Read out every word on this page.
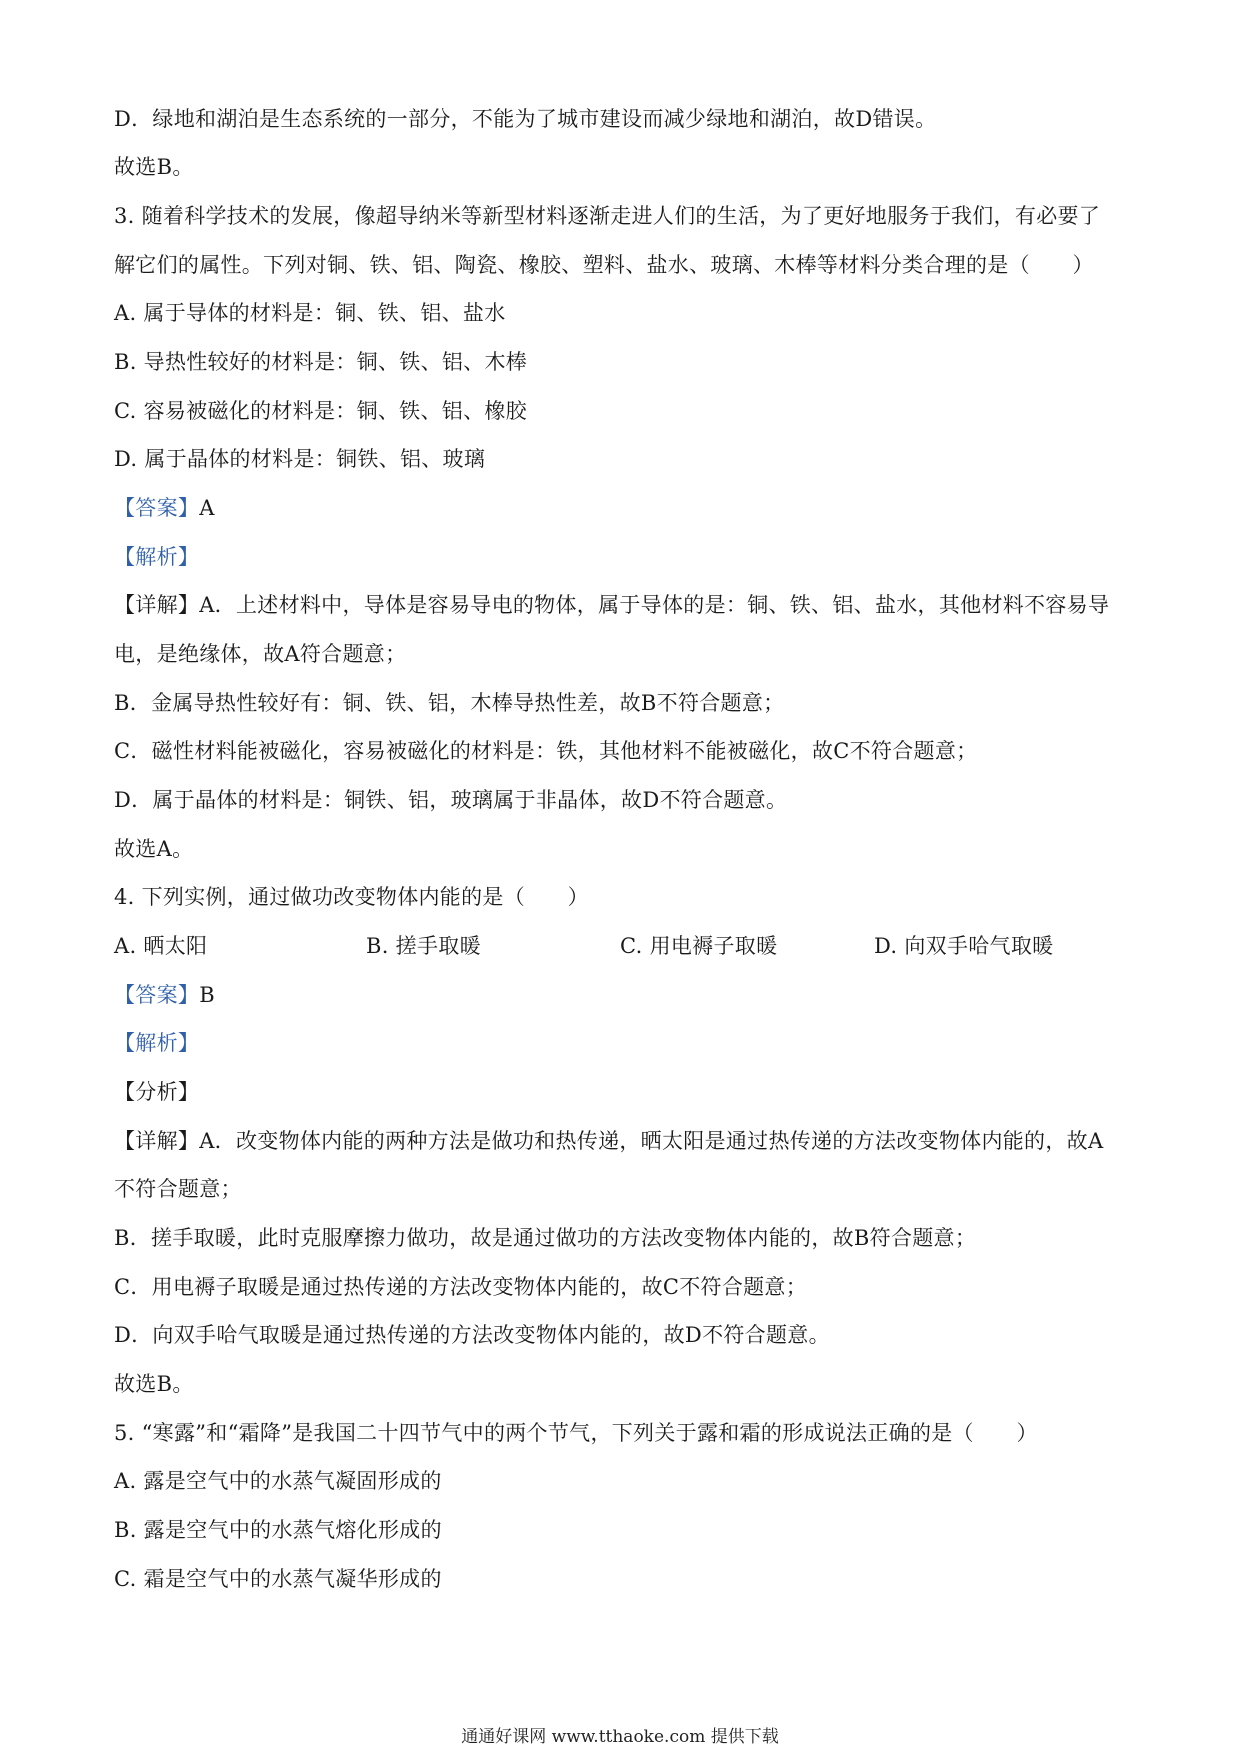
D．绿地和湖泊是生态系统的一部分，不能为了城市建设而减少绿地和湖泊，故D错误。
故选B。
3. 随着科学技术的发展，像超导纳米等新型材料逐渐走进人们的生活，为了更好地服务于我们，有必要了
解它们的属性。下列对铜、铁、铝、陶瓷、橡胶、塑料、盐水、玻璃、木棒等材料分类合理的是（　　）
A. 属于导体的材料是：铜、铁、铝、盐水
B. 导热性较好的材料是：铜、铁、铝、木棒
C. 容易被磁化的材料是：铜、铁、铝、橡胶
D. 属于晶体的材料是：铜铁、铝、玻璃
【答案】A
【解析】
【详解】A．上述材料中，导体是容易导电的物体，属于导体的是：铜、铁、铝、盐水，其他材料不容易导
电，是绝缘体，故A符合题意；
B．金属导热性较好有：铜、铁、铝，木棒导热性差，故B不符合题意；
C．磁性材料能被磁化，容易被磁化的材料是：铁，其他材料不能被磁化，故C不符合题意；
D．属于晶体的材料是：铜铁、铝，玻璃属于非晶体，故D不符合题意。
故选A。
4. 下列实例，通过做功改变物体内能的是（　　）
A. 晒太阳	B. 搓手取暖	C. 用电褥子取暖	D. 向双手哈气取暖
【答案】B
【解析】
【分析】
【详解】A．改变物体内能的两种方法是做功和热传递，晒太阳是通过热传递的方法改变物体内能的，故A
不符合题意；
B．搓手取暖，此时克服摩擦力做功，故是通过做功的方法改变物体内能的，故B符合题意；
C．用电褥子取暖是通过热传递的方法改变物体内能的，故C不符合题意；
D．向双手哈气取暖是通过热传递的方法改变物体内能的，故D不符合题意。
故选B。
5. “寒露”和“霜降”是我国二十四节气中的两个节气，下列关于露和霜的形成说法正确的是（　　）
A. 露是空气中的水蒸气凝固形成的
B. 露是空气中的水蒸气熔化形成的
C. 霜是空气中的水蒸气凝华形成的
通通好课网 www.tthaoke.com 提供下载
